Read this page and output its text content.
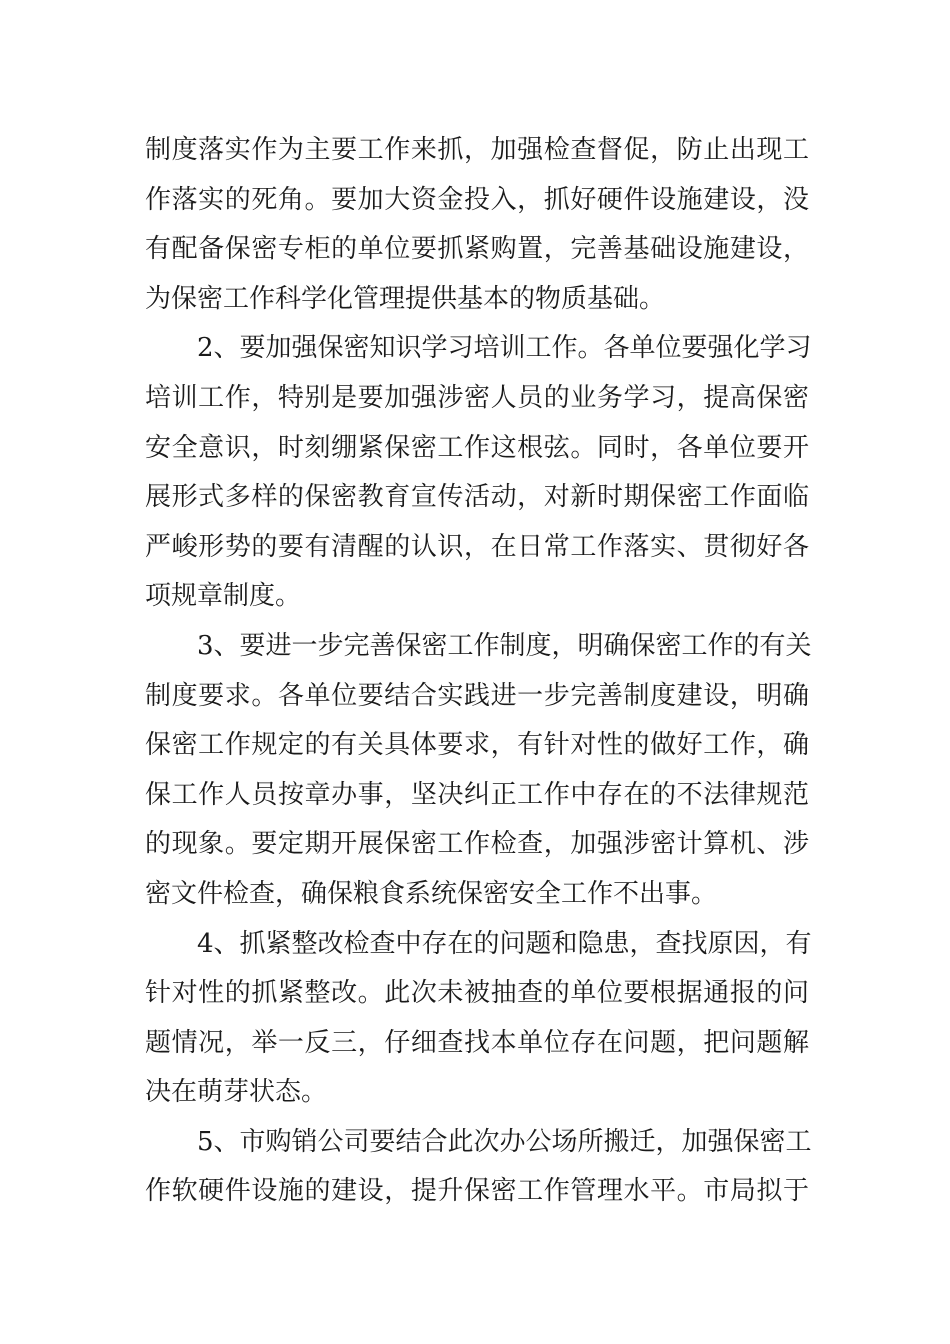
制度落实作为主要工作来抓，加强检查督促，防止出现工
作落实的死角。要加大资金投入，抓好硬件设施建设，没
有配备保密专柜的单位要抓紧购置，完善基础设施建设，
为保密工作科学化管理提供基本的物质基础。
2、要加强保密知识学习培训工作。各单位要强化学习
培训工作，特别是要加强涉密人员的业务学习，提高保密
安全意识，时刻绷紧保密工作这根弦。同时，各单位要开
展形式多样的保密教育宣传活动，对新时期保密工作面临
严峻形势的要有清醒的认识，在日常工作落实、贯彻好各
项规章制度。
3、要进一步完善保密工作制度，明确保密工作的有关
制度要求。各单位要结合实践进一步完善制度建设，明确
保密工作规定的有关具体要求，有针对性的做好工作，确
保工作人员按章办事，坚决纠正工作中存在的不法律规范
的现象。要定期开展保密工作检查，加强涉密计算机、涉
密文件检查，确保粮食系统保密安全工作不出事。
4、抓紧整改检查中存在的问题和隐患，查找原因，有
针对性的抓紧整改。此次未被抽查的单位要根据通报的问
题情况，举一反三，仔细查找本单位存在问题，把问题解
决在萌芽状态。
5、市购销公司要结合此次办公场所搬迁，加强保密工
作软硬件设施的建设，提升保密工作管理水平。市局拟于
